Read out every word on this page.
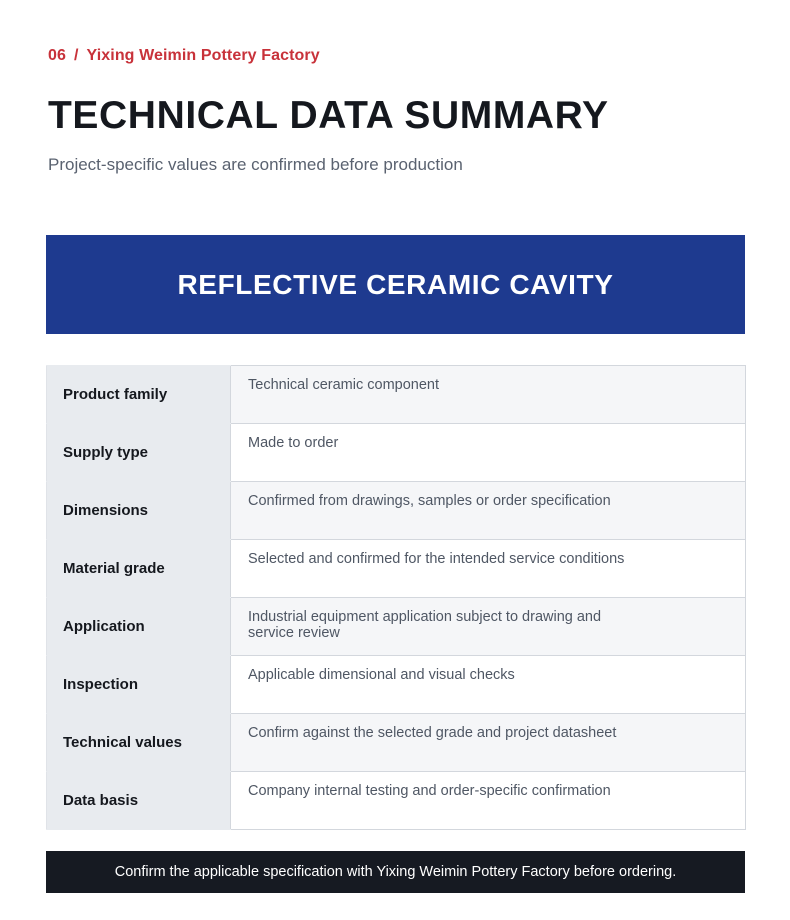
06 / Yixing Weimin Pottery Factory
TECHNICAL DATA SUMMARY
Project-specific values are confirmed before production
REFLECTIVE CERAMIC CAVITY
Product family	Technical ceramic component
Supply type	Made to order
Dimensions	Confirmed from drawings, samples or order specification
Material grade	Selected and confirmed for the intended service conditions
Application	Industrial equipment application subject to drawing and service review
Inspection	Applicable dimensional and visual checks
Technical values	Confirm against the selected grade and project datasheet
Data basis	Company internal testing and order-specific confirmation
Confirm the applicable specification with Yixing Weimin Pottery Factory before ordering.
